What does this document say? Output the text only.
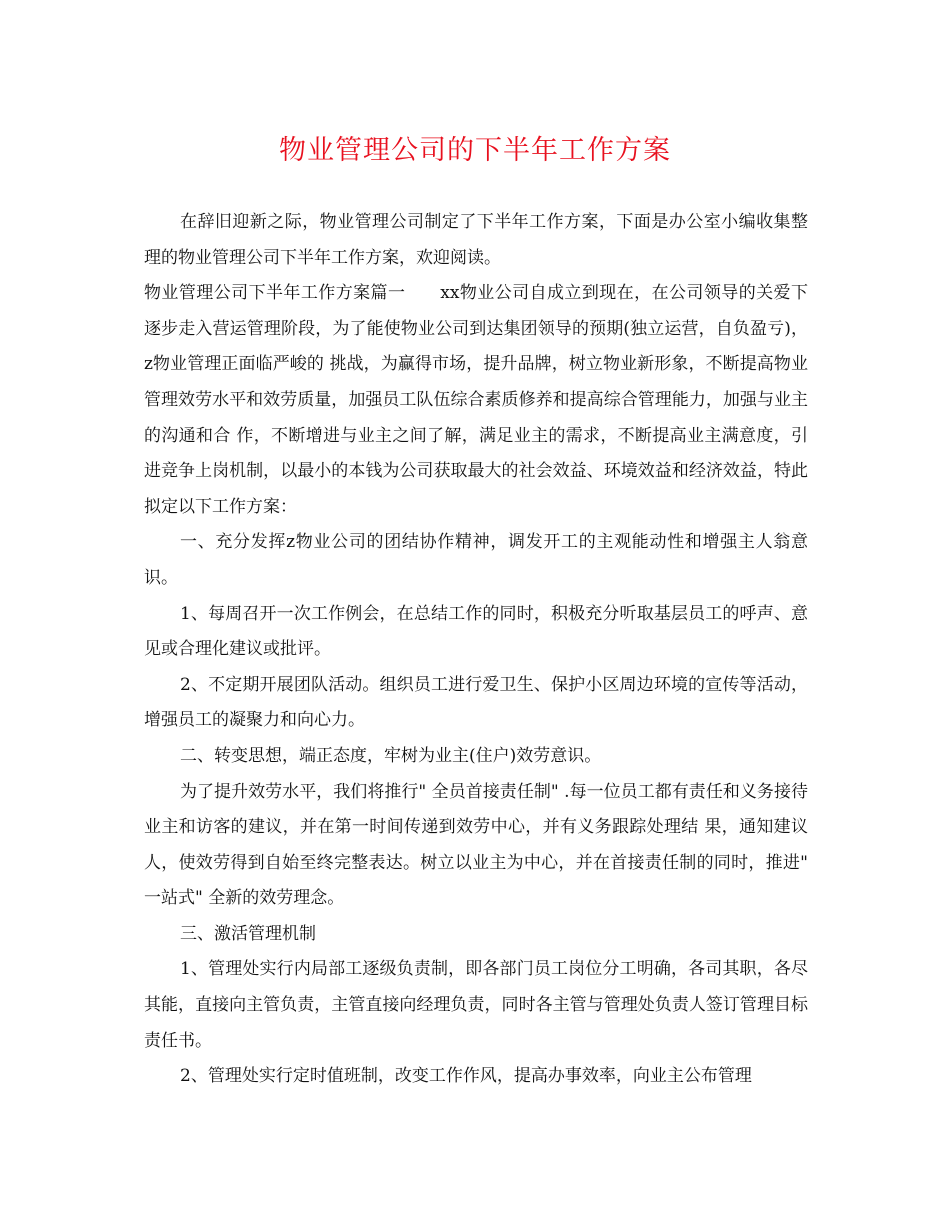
物业管理公司的下半年工作方案

在辞旧迎新之际，物业管理公司制定了下半年工作方案，下面是办公室小编收集整理的物业管理公司下半年工作方案，欢迎阅读。

物业管理公司下半年工作方案篇一　　xx物业公司自成立到现在，在公司领导的关爱下逐步走入营运管理阶段，为了能使物业公司到达集团领导的预期(独立运营，自负盈亏)，z物业管理正面临严峻的 挑战，为赢得市场，提升品牌，树立物业新形象，不断提高物业管理效劳水平和效劳质量，加强员工队伍综合素质修养和提高综合管理能力，加强与业主的沟通和合 作，不断增进与业主之间了解，满足业主的需求，不断提高业主满意度，引进竞争上岗机制，以最小的本钱为公司获取最大的社会效益、环境效益和经济效益，特此 拟定以下工作方案：

一、充分发挥z物业公司的团结协作精神，调发开工的主观能动性和增强主人翁意识。

1、每周召开一次工作例会，在总结工作的同时，积极充分听取基层员工的呼声、意见或合理化建议或批评。

2、不定期开展团队活动。组织员工进行爱卫生、保护小区周边环境的宣传等活动，增强员工的凝聚力和向心力。

二、转变思想，端正态度，牢树为业主(住户)效劳意识。

为了提升效劳水平，我们将推行" 全员首接责任制" .每一位员工都有责任和义务接待业主和访客的建议，并在第一时间传递到效劳中心，并有义务跟踪处理结 果，通知建议人，使效劳得到自始至终完整表达。树立以业主为中心，并在首接责任制的同时，推进" 一站式" 全新的效劳理念。

三、激活管理机制

1、管理处实行内局部工逐级负责制，即各部门员工岗位分工明确，各司其职，各尽其能，直接向主管负责，主管直接向经理负责，同时各主管与管理处负责人签订管理目标责任书。

2、管理处实行定时值班制，改变工作作风，提高办事效率，向业主公布管理
